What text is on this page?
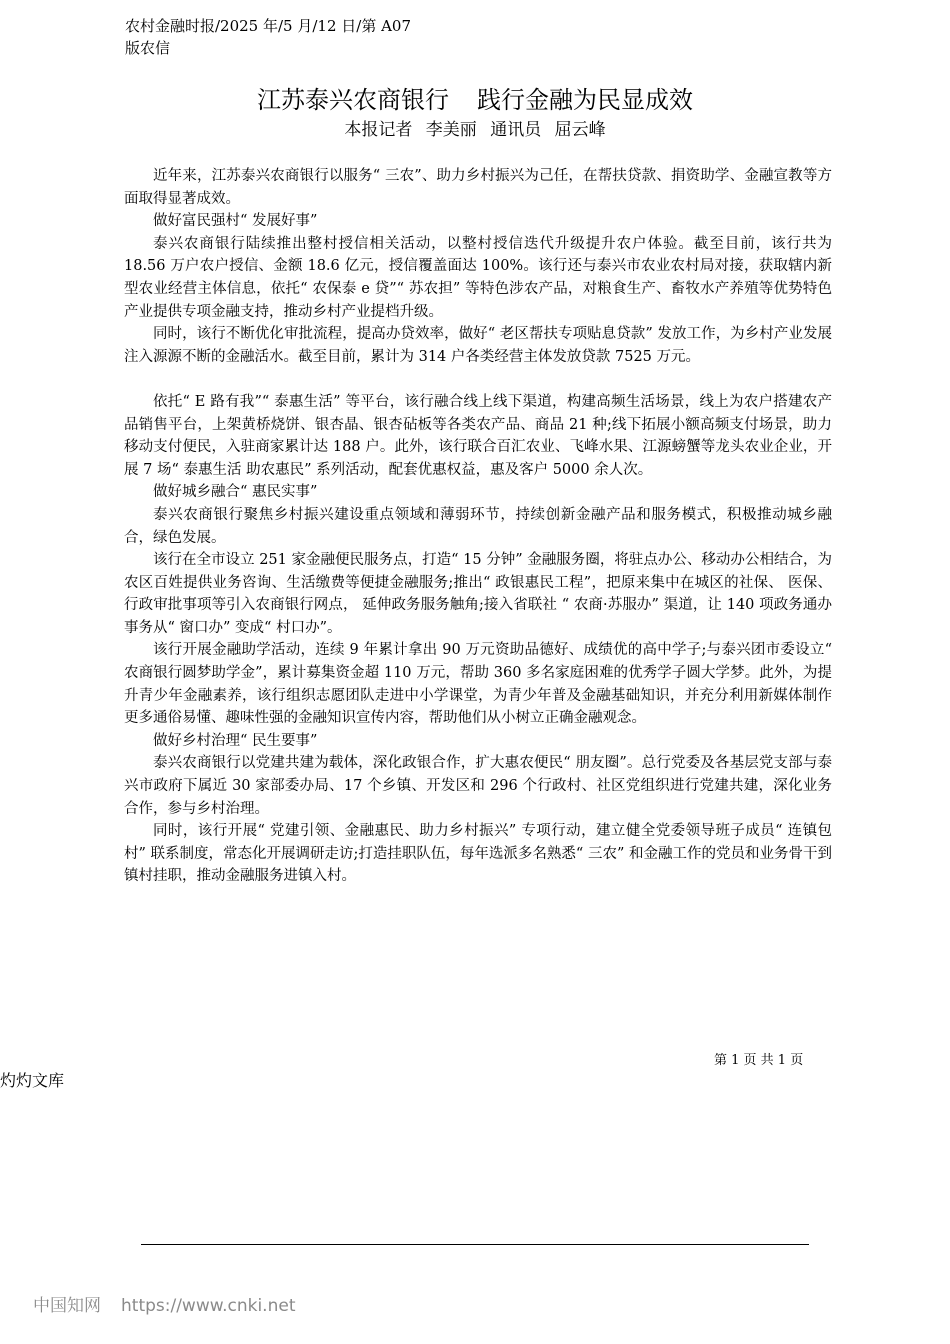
农村金融时报/2025 年/5 月/12 日/第 A07
版农信
江苏泰兴农商银行 践行金融为民显成效
本报记者 李美丽 通讯员 屈云峰

近年来，江苏泰兴农商银行以服务“ 三农”、助力乡村振兴为己任，在帮扶贷款、捐资助学、金融宣教等方面取得显著成效。

做好富民强村“ 发展好事”

泰兴农商银行陆续推出整村授信相关活动，以整村授信迭代升级提升农户体验。截至目前，该行共为 18.56 万户农户授信、金额 18.6 亿元，授信覆盖面达 100%。该行还与泰兴市农业农村局对接，获取辖内新型农业经营主体信息，依托“ 农保泰 e 贷”“ 苏农担” 等特色涉农产品，对粮食生产、畜牧水产养殖等优势特色产业提供专项金融支持，推动乡村产业提档升级。

同时，该行不断优化审批流程，提高办贷效率，做好“ 老区帮扶专项贴息贷款” 发放工作，为乡村产业发展注入源源不断的金融活水。截至目前，累计为 314 户各类经营主体发放贷款 7525 万元。

依托“ E 路有我”“ 泰惠生活” 等平台，该行融合线上线下渠道，构建高频生活场景，线上为农户搭建农产品销售平台，上架黄桥烧饼、银杏晶、银杏砧板等各类农产品、商品 21 种;线下拓展小额高频支付场景，助力移动支付便民，入驻商家累计达 188 户。此外，该行联合百汇农业、飞峰水果、江源螃蟹等龙头农业企业，开展 7 场“ 泰惠生活 助农惠民” 系列活动，配套优惠权益，惠及客户 5000 余人次。

做好城乡融合“ 惠民实事”

泰兴农商银行聚焦乡村振兴建设重点领域和薄弱环节，持续创新金融产品和服务模式，积极推动城乡融合，绿色发展。

该行在全市设立 251 家金融便民服务点，打造“ 15 分钟” 金融服务圈，将驻点办公、移动办公相结合，为农区百姓提供业务咨询、生活缴费等便捷金融服务;推出“ 政银惠民工程”，把原来集中在城区的社保、 医保、 行政审批事项等引入农商银行网点， 延伸政务服务触角;接入省联社 “ 农商·苏服办” 渠道，让 140 项政务通办事务从“ 窗口办” 变成“ 村口办”。

该行开展金融助学活动，连续 9 年累计拿出 90 万元资助品德好、成绩优的高中学子;与泰兴团市委设立“ 农商银行圆梦助学金”，累计募集资金超 110 万元，帮助 360 多名家庭困难的优秀学子圆大学梦。此外，为提升青少年金融素养，该行组织志愿团队走进中小学课堂，为青少年普及金融基础知识，并充分利用新媒体制作更多通俗易懂、趣味性强的金融知识宣传内容，帮助他们从小树立正确金融观念。

做好乡村治理“ 民生要事”

泰兴农商银行以党建共建为载体，深化政银合作，扩大惠农便民“ 朋友圈”。总行党委及各基层党支部与泰兴市政府下属近 30 家部委办局、17 个乡镇、开发区和 296 个行政村、社区党组织进行党建共建，深化业务合作，参与乡村治理。

同时，该行开展“ 党建引领、金融惠民、助力乡村振兴” 专项行动，建立健全党委领导班子成员“ 连镇包村” 联系制度，常态化开展调研走访;打造挂职队伍，每年选派多名熟悉“ 三农” 和金融工作的党员和业务骨干到镇村挂职，推动金融服务进镇入村。

第 1 页 共 1 页
灼灼文库
中国知网 https://www.cnki.net
